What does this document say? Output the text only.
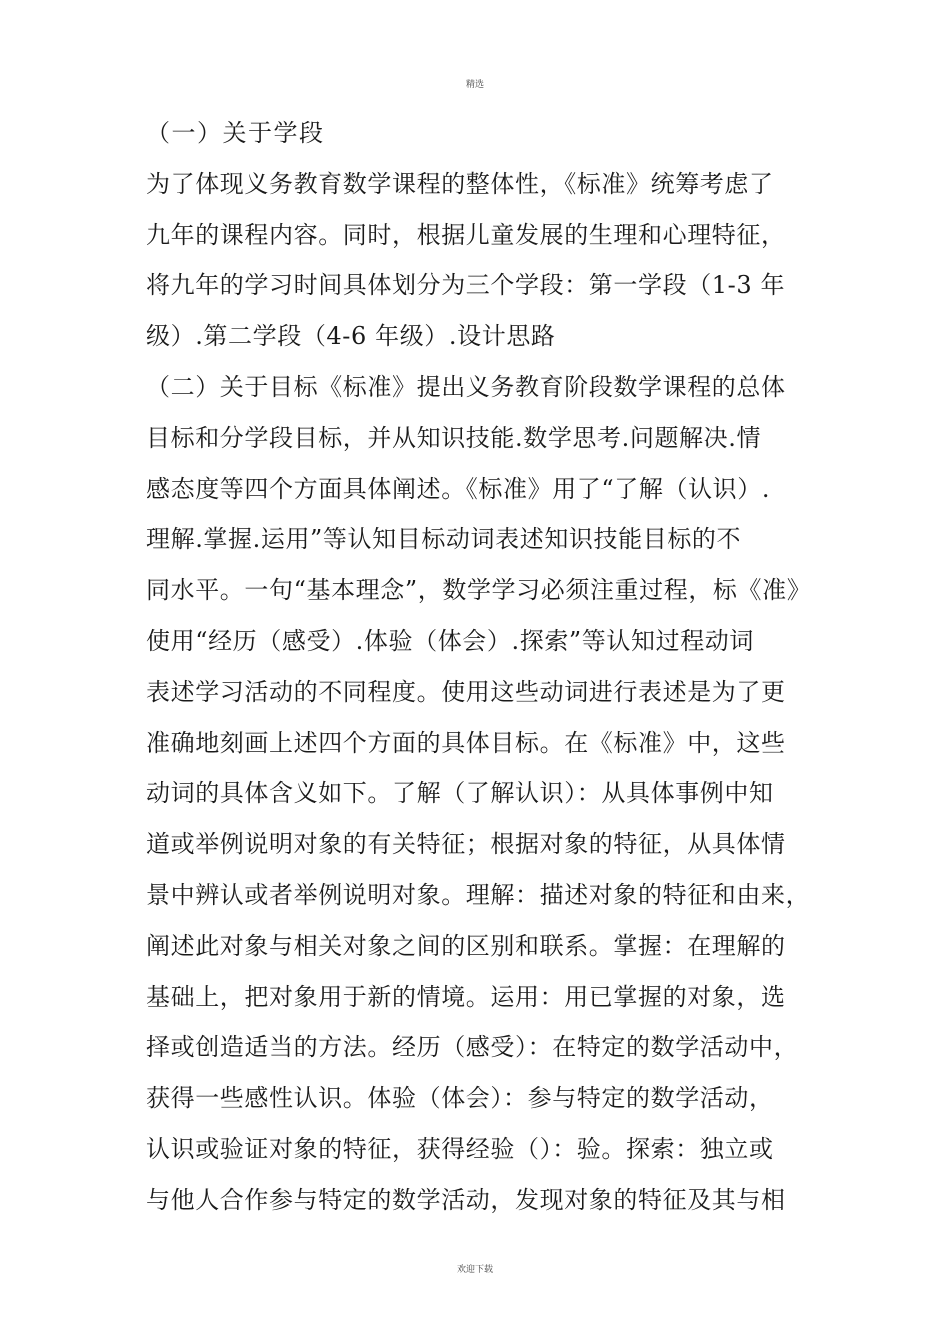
精选
（一）关于学段
为了体现义务教育数学课程的整体性，《标准》统筹考虑了
九年的课程内容。同时，根据儿童发展的生理和心理特征，
将九年的学习时间具体划分为三个学段：第一学段（1-3 年
级）.第二学段（4-6 年级）.设计思路
（二）关于目标《标准》提出义务教育阶段数学课程的总体
目标和分学段目标，并从知识技能.数学思考.问题解决.情
感态度等四个方面具体阐述。《标准》用了“了解（认识）.
理解.掌握.运用”等认知目标动词表述知识技能目标的不
同水平。一句“基本理念”，数学学习必须注重过程，标《准》
使用“经历（感受）.体验（体会）.探索”等认知过程动词
表述学习活动的不同程度。使用这些动词进行表述是为了更
准确地刻画上述四个方面的具体目标。在《标准》中，这些
动词的具体含义如下。了解（了解认识）：从具体事例中知
道或举例说明对象的有关特征；根据对象的特征，从具体情
景中辨认或者举例说明对象。理解：描述对象的特征和由来，
阐述此对象与相关对象之间的区别和联系。掌握：在理解的
基础上，把对象用于新的情境。运用：用已掌握的对象，选
择或创造适当的方法。经历（感受）：在特定的数学活动中，
获得一些感性认识。体验（体会）：参与特定的数学活动，
认识或验证对象的特征，获得经验（）：验。探索：独立或
与他人合作参与特定的数学活动，发现对象的特征及其与相
欢迎下载
